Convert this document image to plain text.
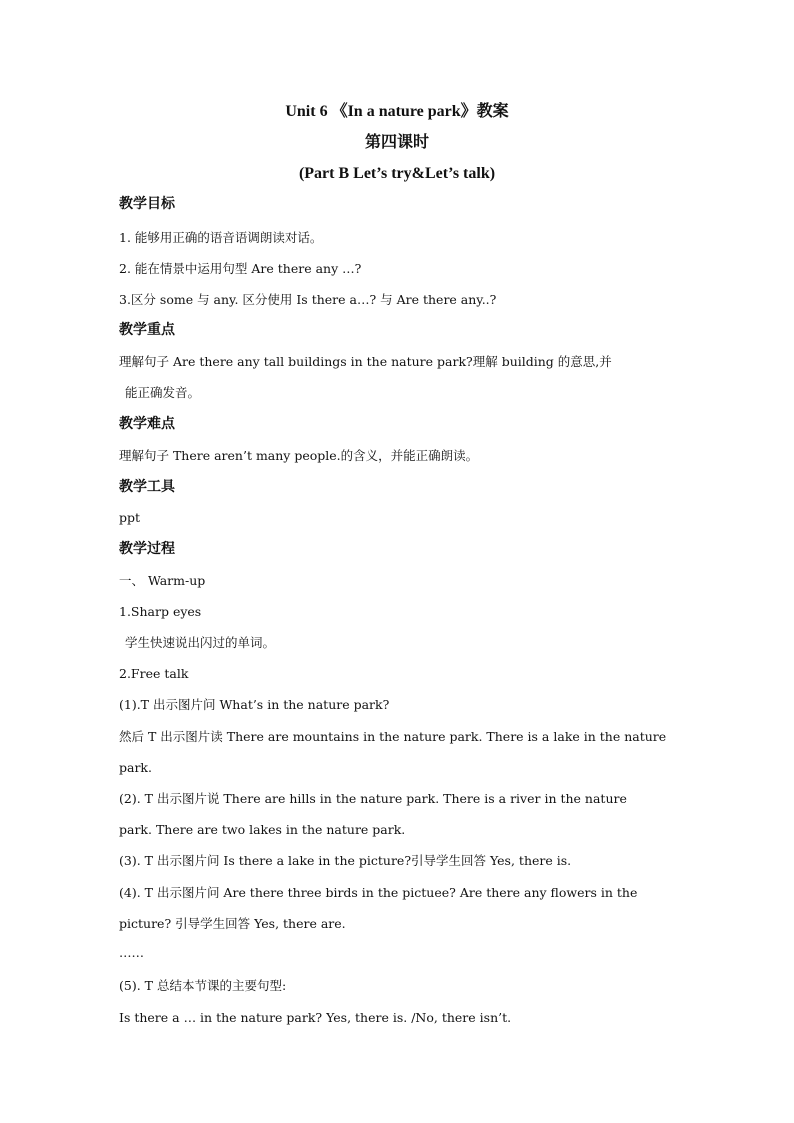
Unit 6 《In a nature park》教案
第四课时
(Part B Let’s try&Let’s talk)
教学目标
1. 能够用正确的语音语调朗读对话。
2. 能在情景中运用句型 Are there any …?
3.区分 some 与 any. 区分使用 Is there a…? 与 Are there any..?
教学重点
理解句子 Are there any tall buildings in the nature park?理解 building 的意思,并
能正确发音。
教学难点
理解句子 There aren’t many people.的含义，并能正确朗读。
教学工具
ppt
教学过程
一、 Warm-up
1.Sharp eyes
学生快速说出闪过的单词。
2.Free talk
(1).T 出示图片问 What’s in the nature park?
然后 T 出示图片读 There are mountains in the nature park. There is a lake in the nature
park.
(2). T 出示图片说 There are hills in the nature park. There is a river in the nature
park. There are two lakes in the nature park.
(3). T 出示图片问 Is there a lake in the picture?引导学生回答 Yes, there is.
(4). T 出示图片问 Are there three birds in the pictuee? Are there any flowers in the
picture? 引导学生回答 Yes, there are.
……
(5). T 总结本节课的主要句型:
Is there a … in the nature park? Yes, there is. /No, there isn’t.
